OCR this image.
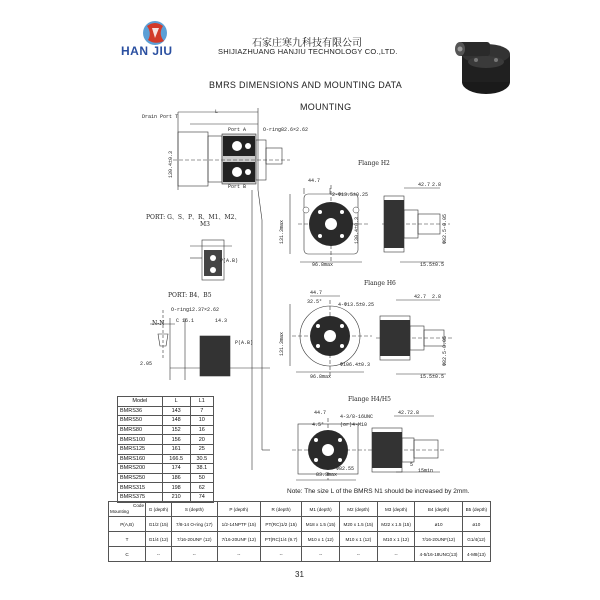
HAN JIU
石家庄寒九科技有限公司
SHIJIAZHUANG HANJIU TECHNOLOGY CO.,LTD.
BMRS DIMENSIONS AND MOUNTING DATA
MOUNTING
Drain Port T
L
Port A	O-ring82.6×2.62
Port B
P(A.B)
O-ring12.37×2.62
14.3
C 16.1
P(A.B)
2.05
44.7
2-Φ13.5±0.25
42.7 2.8
96.8max	15.5±0.5
44.7
4-Φ13.5±0.25
32.5°
42.7 2.8
Φ106.4±0.3
96.8max	15.5±0.5
44.7
4-3/8-16UNC
(or)4-M10
4.5°
42.7 2.8
Φ82.55
83.3max
15min
5
131.3max	130.4±0.3
131.3max	Φ82.5-0.05
Φ82.5-0.05
130.4±0.3
PORT: G、S、P、R、M1、M2、
M3
PORT: B4、B5
N-N
Flange H2
Flange H6
Flange H4/H5
Model	L	L1
BMRS36	143	7
BMRS50	148	10
BMRS80	152	16
BMRS100	156	20
BMRS125	161	25
BMRS160	166.5	30.5
BMRS200	174	38.1
BMRS250	186	50
BMRS315	198	62
BMRS375	210	74
Note: The size L of the BMRS N1 should be increased by 2mm.
Code
Mounting	G (depth)	S (depth)	P (depth)	R (depth)	M1 (depth)	M2 (depth)	M3 (depth)	B4 (depth)	B5 (depth)
P(A,B)	G1/2 (15)	7/8-14 O-ring (17)	1/2-14NPTF (15)	PT(RC)1/2 (15)	M18 x 1.5 (15)	M20 x 1.5 (15)	M22 x 1.5 (15)	ø10	ø10
T	G1/4 (12)	7/16-20UNF (12)	7/16-20UNF (12)	PT(RC)1/4 (9.7)	M10 x 1 (12)	M10 x 1 (12)	M10 x 1 (12)	7/16-20UNF(12)	G1/4(12)
C	--	--	--	--	--	--	--	4-5/16-18UNC(13)	4-M8(13)
31
